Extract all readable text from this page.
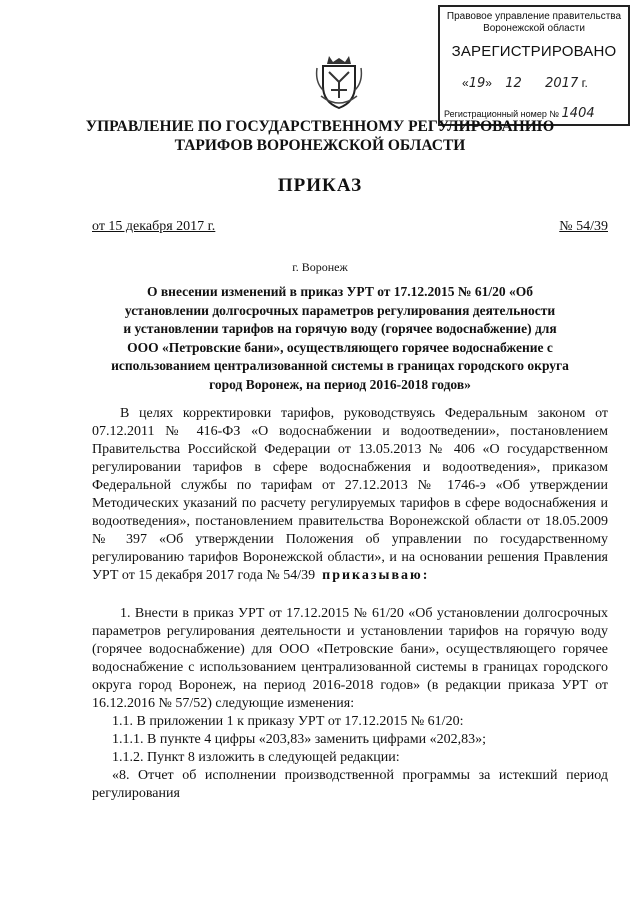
Правовое управление правительства Воронежской области
ЗАРЕГИСТРИРОВАНО
«19»    12 2017 г.
Регистрационный номер № 1404
УПРАВЛЕНИЕ ПО ГОСУДАРСТВЕННОМУ РЕГУЛИРОВАНИЮ
ТАРИФОВ ВОРОНЕЖСКОЙ ОБЛАСТИ
ПРИКАЗ
от 15 декабря 2017 г.	№ 54/39
г. Воронеж
О внесении изменений в приказ УРТ от 17.12.2015 № 61/20 «Об
установлении долгосрочных параметров регулирования деятельности
и установлении тарифов на горячую воду (горячее водоснабжение) для
ООО «Петровские бани», осуществляющего горячее водоснабжение с
использованием централизованной системы в границах городского округа
город Воронеж, на период 2016-2018 годов»

В целях корректировки тарифов, руководствуясь Федеральным законом от 07.12.2011 № 416-ФЗ «О водоснабжении и водоотведении», постановлением Правительства Российской Федерации от 13.05.2013 № 406 «О государственном регулировании тарифов в сфере водоснабжения и водоотведения», приказом Федеральной службы по тарифам от 27.12.2013 № 1746-э «Об утверждении Методических указаний по расчету регулируемых тарифов в сфере водоснабжения и водоотведения», постановлением правительства Воронежской области от 18.05.2009 № 397 «Об утверждении Положения об управлении по государственному регулированию тарифов Воронежской области», и на основании решения Правления УРТ от 15 декабря 2017 года № 54/39 приказываю:

1. Внести в приказ УРТ от 17.12.2015 № 61/20 «Об установлении долгосрочных параметров регулирования деятельности и установлении тарифов на горячую воду (горячее водоснабжение) для ООО «Петровские бани», осуществляющего горячее водоснабжение с использованием централизованной системы в границах городского округа город Воронеж, на период 2016-2018 годов» (в редакции приказа УРТ от 16.12.2016 № 57/52) следующие изменения:

1.1. В приложении 1 к приказу УРТ от 17.12.2015 № 61/20:

1.1.1. В пункте 4 цифры «203,83» заменить цифрами «202,83»;

1.1.2. Пункт 8 изложить в следующей редакции:

«8. Отчет об исполнении производственной программы за истекший период регулирования
